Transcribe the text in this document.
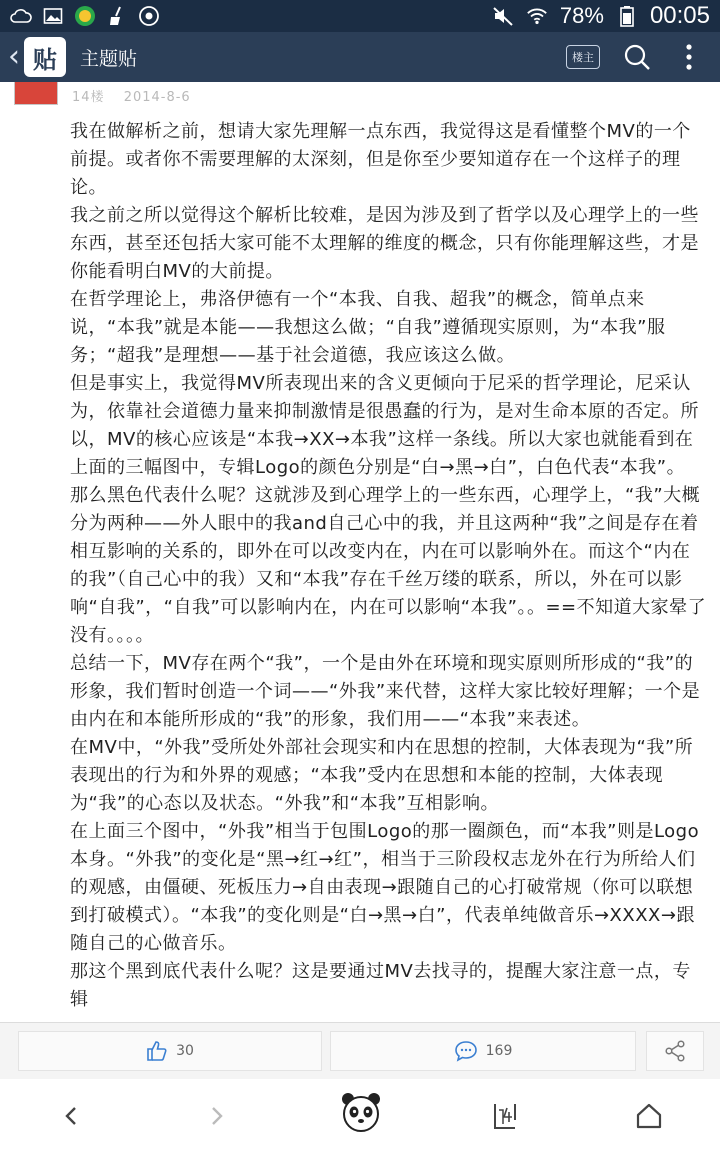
78% 00:05
‹ 贴	主题贴	楼主
14楼 2014-8-6

我在做解析之前，想请大家先理解一点东西，我觉得这是看懂整个MV的一个前提。或者你不需要理解的太深刻，但是你至少要知道存在一个这样子的理论。

我之前之所以觉得这个解析比较难，是因为涉及到了哲学以及心理学上的一些东西，甚至还包括大家可能不太理解的维度的概念，只有你能理解这些，才是你能看明白MV的大前提。

在哲学理论上，弗洛伊德有一个“本我、自我、超我”的概念，简单点来说，“本我”就是本能——我想这么做；“自我”遵循现实原则，为“本我”服务；“超我”是理想——基于社会道德，我应该这么做。

但是事实上，我觉得MV所表现出来的含义更倾向于尼采的哲学理论，尼采认为，依靠社会道德力量来抑制激情是很愚蠢的行为，是对生命本原的否定。所以，MV的核心应该是“本我→XX→本我”这样一条线。所以大家也就能看到在上面的三幅图中，专辑Logo的颜色分别是“白→黑→白”，白色代表“本我”。

那么黑色代表什么呢？这就涉及到心理学上的一些东西，心理学上，“我”大概分为两种——外人眼中的我and自己心中的我，并且这两种“我”之间是存在着相互影响的关系的，即外在可以改变内在，内在可以影响外在。而这个“内在的我”（自己心中的我）又和“本我”存在千丝万缕的联系，所以，外在可以影响“自我”，“自我”可以影响内在，内在可以影响“本我”。。==不知道大家晕了没有。。。。

总结一下，MV存在两个“我”，一个是由外在环境和现实原则所形成的“我”的形象，我们暂时创造一个词——“外我”来代替，这样大家比较好理解；一个是由内在和本能所形成的“我”的形象，我们用——“本我”来表述。

在MV中，“外我”受所处外部社会现实和内在思想的控制，大体表现为“我”所表现出的行为和外界的观感；“本我”受内在思想和本能的控制，大体表现为“我”的心态以及状态。“外我”和“本我”互相影响。

在上面三个图中，“外我”相当于包围Logo的那一圈颜色，而“本我”则是Logo本身。“外我”的变化是“黑→红→红”，相当于三阶段权志龙外在行为所给人们的观感，由僵硬、死板压力→自由表现→跟随自己的心打破常规（你可以联想到打破模式）。“本我”的变化则是“白→黑→白”，代表单纯做音乐→XXXX→跟随自己的心做音乐。

那这个黑到底代表什么呢？这是要通过MV去找寻的，提醒大家注意一点，专辑

30	169
